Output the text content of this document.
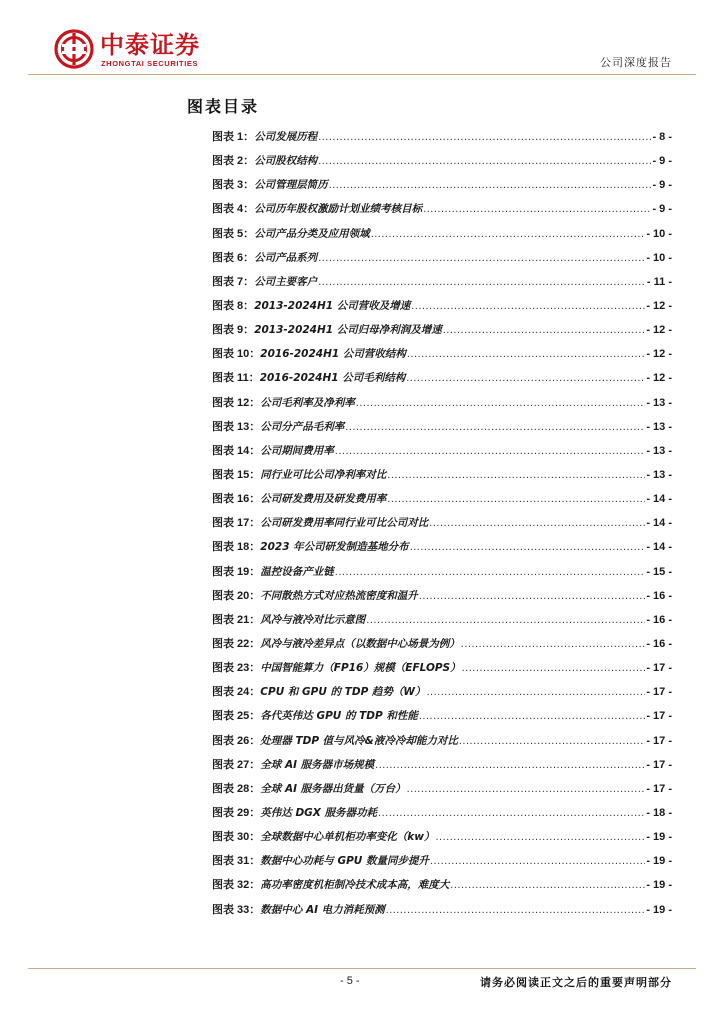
中泰证券
ZHONGTAI SECURITIES	公司深度报告
图表目录
图表 1： 公司发展历程 .....	- 8 -
图表 2： 公司股权结构 .....	- 9 -
图表 3： 公司管理层简历 .....	- 9 -
图表 4： 公司历年股权激励计划业绩考核目标 .....	- 9 -
图表 5： 公司产品分类及应用领域 .....	- 10 -
图表 6： 公司产品系列 .....	- 10 -
图表 7： 公司主要客户 .....	- 11 -
图表 8： 2013-2024H1 公司营收及增速 .....	- 12 -
图表 9： 2013-2024H1 公司归母净利润及增速 .....	- 12 -
图表 10： 2016-2024H1 公司营收结构 .....	- 12 -
图表 11： 2016-2024H1 公司毛利结构 .....	- 12 -
图表 12： 公司毛利率及净利率 .....	- 13 -
图表 13： 公司分产品毛利率 .....	- 13 -
图表 14： 公司期间费用率 .....	- 13 -
图表 15： 同行业可比公司净利率对比 .....	- 13 -
图表 16： 公司研发费用及研发费用率 .....	- 14 -
图表 17： 公司研发费用率同行业可比公司对比 .....	- 14 -
图表 18： 2023 年公司研发制造基地分布 .....	- 14 -
图表 19： 温控设备产业链 .....	- 15 -
图表 20： 不同散热方式对应热流密度和温升 .....	- 16 -
图表 21： 风冷与液冷对比示意图 .....	- 16 -
图表 22： 风冷与液冷差异点（以数据中心场景为例） .....	- 16 -
图表 23： 中国智能算力（FP16）规模（EFLOPS） .....	- 17 -
图表 24： CPU 和 GPU 的 TDP 趋势（W） .....	- 17 -
图表 25： 各代英伟达 GPU 的 TDP 和性能 .....	- 17 -
图表 26： 处理器 TDP 值与风冷&液冷冷却能力对比 .....	- 17 -
图表 27： 全球 AI 服务器市场规模 .....	- 17 -
图表 28： 全球 AI 服务器出货量（万台） .....	- 17 -
图表 29： 英伟达 DGX 服务器功耗 .....	- 18 -
图表 30： 全球数据中心单机柜功率变化（kw） .....	- 19 -
图表 31： 数据中心功耗与 GPU 数量同步提升 .....	- 19 -
图表 32： 高功率密度机柜制冷技术成本高，难度大 .....	- 19 -
图表 33： 数据中心 AI 电力消耗预测 .....	- 19 -
- 5 -	请务必阅读正文之后的重要声明部分
